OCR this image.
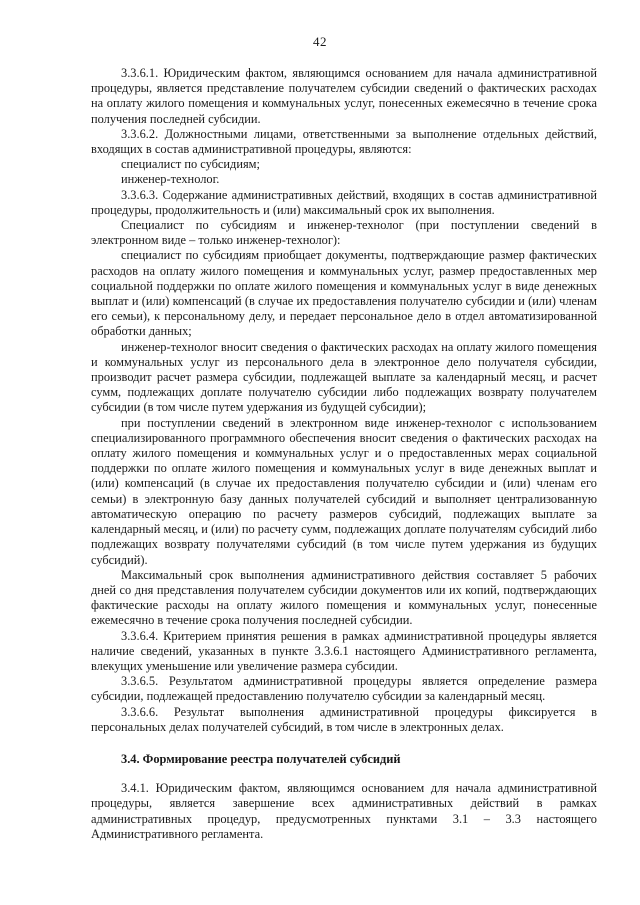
42

3.3.6.1. Юридическим фактом, являющимся основанием для начала административной процедуры, является представление получателем субсидии сведений о фактических расходах на оплату жилого помещения и коммунальных услуг, понесенных ежемесячно в течение срока получения последней субсидии.

3.3.6.2. Должностными лицами, ответственными за выполнение отдельных действий, входящих в состав административной процедуры, являются:

специалист по субсидиям;

инженер-технолог.

3.3.6.3. Содержание административных действий, входящих в состав административной процедуры, продолжительность и (или) максимальный срок их выполнения.

Специалист по субсидиям и инженер-технолог (при поступлении сведений в электронном виде – только инженер-технолог):

специалист по субсидиям приобщает документы, подтверждающие размер фактических расходов на оплату жилого помещения и коммунальных услуг, размер предоставленных мер социальной поддержки по оплате жилого помещения и коммунальных услуг в виде денежных выплат и (или) компенсаций (в случае их предоставления получателю субсидии и (или) членам его семьи), к персональному делу, и передает персональное дело в отдел автоматизированной обработки данных;

инженер-технолог вносит сведения о фактических расходах на оплату жилого помещения и коммунальных услуг из персонального дела в электронное дело получателя субсидии, производит расчет размера субсидии, подлежащей выплате за календарный месяц, и расчет сумм, подлежащих доплате получателю субсидии либо подлежащих возврату получателем субсидии (в том числе путем удержания из будущей субсидии);

при поступлении сведений в электронном виде инженер-технолог с использованием специализированного программного обеспечения вносит сведения о фактических расходах на оплату жилого помещения и коммунальных услуг и о предоставленных мерах социальной поддержки по оплате жилого помещения и коммунальных услуг в виде денежных выплат и (или) компенсаций (в случае их предоставления получателю субсидии и (или) членам его семьи) в электронную базу данных получателей субсидий и выполняет централизованную автоматическую операцию по расчету размеров субсидий, подлежащих выплате за календарный месяц, и (или) по расчету сумм, подлежащих доплате получателям субсидий либо подлежащих возврату получателями субсидий (в том числе путем удержания из будущих субсидий).

Максимальный срок выполнения административного действия составляет 5 рабочих дней со дня представления получателем субсидии документов или их копий, подтверждающих фактические расходы на оплату жилого помещения и коммунальных услуг, понесенные ежемесячно в течение срока получения последней субсидии.

3.3.6.4. Критерием принятия решения в рамках административной процедуры является наличие сведений, указанных в пункте 3.3.6.1 настоящего Административного регламента, влекущих уменьшение или увеличение размера субсидии.

3.3.6.5. Результатом административной процедуры является определение размера субсидии, подлежащей предоставлению получателю субсидии за календарный месяц.

3.3.6.6. Результат выполнения административной процедуры фиксируется в персональных делах получателей субсидий, в том числе в электронных делах.

3.4. Формирование реестра получателей субсидий

3.4.1. Юридическим фактом, являющимся основанием для начала административной процедуры, является завершение всех административных действий в рамках административных процедур, предусмотренных пунктами 3.1 – 3.3 настоящего Административного регламента.
